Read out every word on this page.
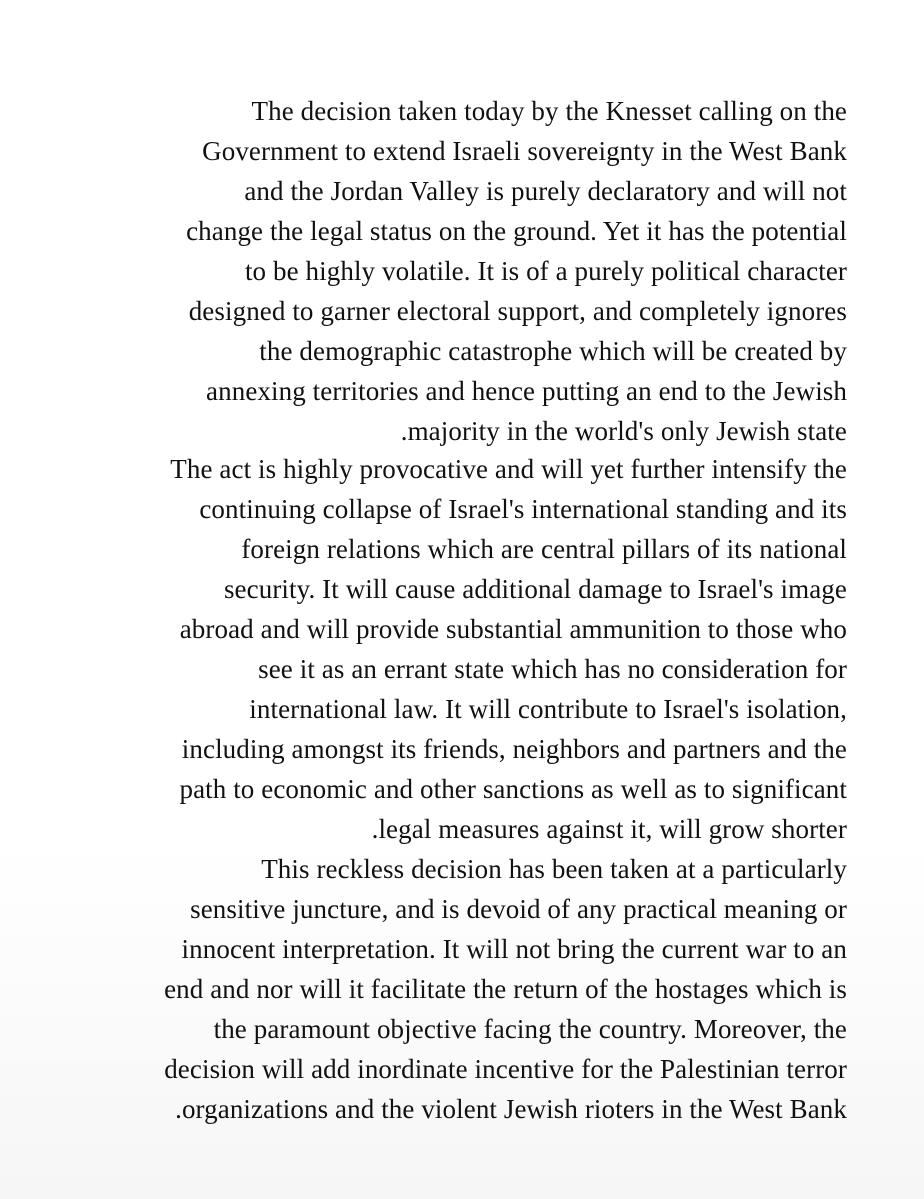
The decision taken today by the Knesset calling on the
Government to extend Israeli sovereignty in the West Bank
and the Jordan Valley is purely declaratory and will not
change the legal status on the ground. Yet it has the potential
to be highly volatile. It is of a purely political character
designed to garner electoral support, and completely ignores
the demographic catastrophe which will be created by
annexing territories and hence putting an end to the Jewish
.majority in the world's only Jewish state
The act is highly provocative and will yet further intensify the
continuing collapse of Israel's international standing and its
foreign relations which are central pillars of its national
security. It will cause additional damage to Israel's image
abroad and will provide substantial ammunition to those who
see it as an errant state which has no consideration for
international law. It will contribute to Israel's isolation,
including amongst its friends, neighbors and partners and the
path to economic and other sanctions as well as to significant
.legal measures against it, will grow shorter
This reckless decision has been taken at a particularly
sensitive juncture, and is devoid of any practical meaning or
innocent interpretation. It will not bring the current war to an
end and nor will it facilitate the return of the hostages which is
the paramount objective facing the country. Moreover, the
decision will add inordinate incentive for the Palestinian terror
.organizations and the violent Jewish rioters in the West Bank
